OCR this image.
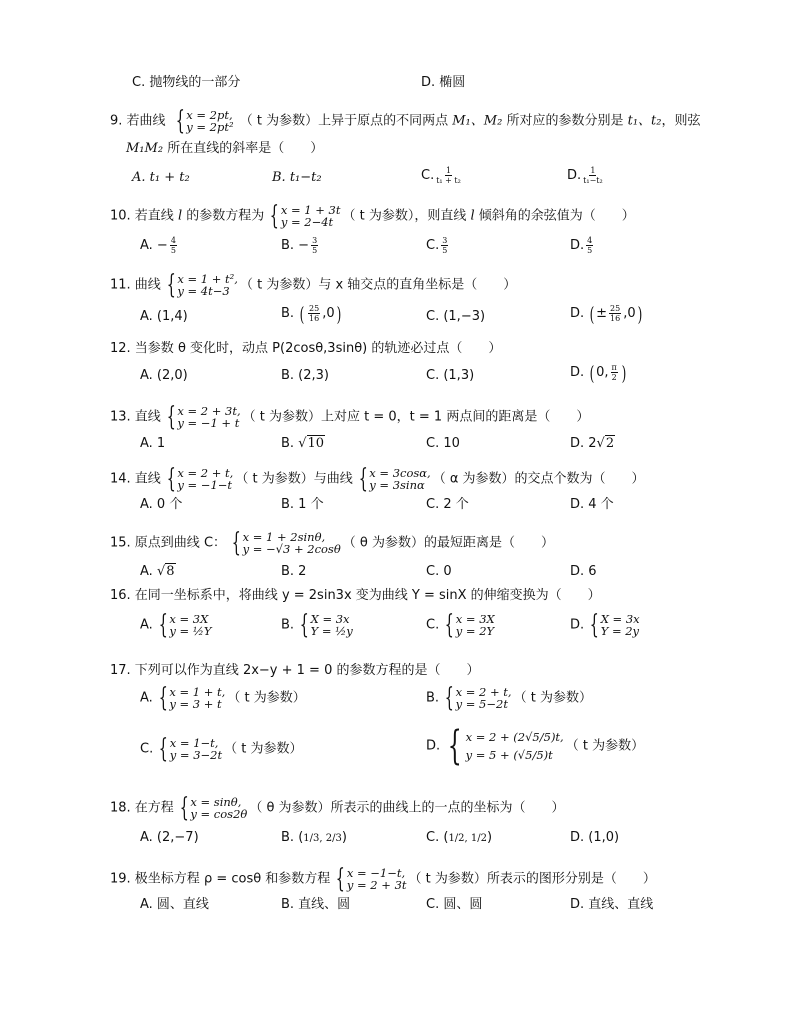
C. 抛物线的一部分	D. 椭圆
9. 若曲线 { x = 2pt,
y = 2pt² （ t 为参数）上异于原点的不同两点 M₁、M₂ 所对应的参数分别是 t₁、t₂，则弦
M₁M₂ 所在直线的斜率是（　　）
A. t₁ + t₂	B. t₁−t₂	C. $\frac{1}{\text{t₁ + t₂}}$	D. $\frac{1}{\text{t₁−t₂}}$
10. 若直线 l 的参数方程为 { x = 1 + 3t
y = 2−4t （ t 为参数），则直线 l 倾斜角的余弦值为（　　）
A. − $\frac{4}{5}$	B. − $\frac{3}{5}$	C. $\frac{3}{5}$	D. $\frac{4}{5}$
11. 曲线 { x = 1 + t²,
y = 4t−3 （ t 为参数）与 x 轴交点的直角坐标是（　　）
A. (1,4)	B. ( $\frac{25}{16} ,0$)	C. (1,−3)	D. ( ± $\frac{25}{16} ,0$)
12. 当参数 θ 变化时，动点 P(2cosθ,3sinθ) 的轨迹必过点（　　）
A. (2,0)	B. (2,3)	C. (1,3)	D. ( 0, $\frac{\pi}{2}$ )
13. 直线 { x = 2 + 3t,
y = −1 + t （ t 为参数）上对应 t = 0，t = 1 两点间的距离是（　　）
A. 1	B. √10	C. 10	D. 2√2
14. 直线 { x = 2 + t,
y = −1−t （ t 为参数）与曲线 { x = 3cosα,
y = 3sinα （ α 为参数）的交点个数为（　　）
A. 0 个	B. 1 个	C. 2 个	D. 4 个
15. 原点到曲线 C： { x = 1 + 2sinθ,
y = −√3 + 2cosθ （ θ 为参数）的最短距离是（　　）
A. √8	B. 2	C. 0	D. 6
16. 在同一坐标系中，将曲线 y = 2sin3x 变为曲线 Y = sinX 的伸缩变换为（　　）
A. { x = 3X
y = ½Y	B. { X = 3x
Y = ½y	C. { x = 3X
y = 2Y	D. { X = 3x
Y = 2y
17. 下列可以作为直线 2x−y + 1 = 0 的参数方程的是（　　）
A. { x = 1 + t,
y = 3 + t （ t 为参数）	B. { x = 2 + t,
y = 5−2t （ t 为参数）
C. { x = 1−t,
y = 3−2t （ t 为参数）	D. { x = 2 + (2√5/5)t,
y = 5 + (√5/5)t
（ t 为参数）
18. 在方程 { x = sinθ,
y = cos2θ （ θ 为参数）所表示的曲线上的一点的坐标为（　　）
A. (2,−7)	B. (1/3, 2/3)	C. (1/2, 1/2)	D. (1,0)
19. 极坐标方程 ρ = cosθ 和参数方程 { x = −1−t,
y = 2 + 3t （ t 为参数）所表示的图形分别是（　　）
A. 圆、直线	B. 直线、圆	C. 圆、圆	D. 直线、直线
